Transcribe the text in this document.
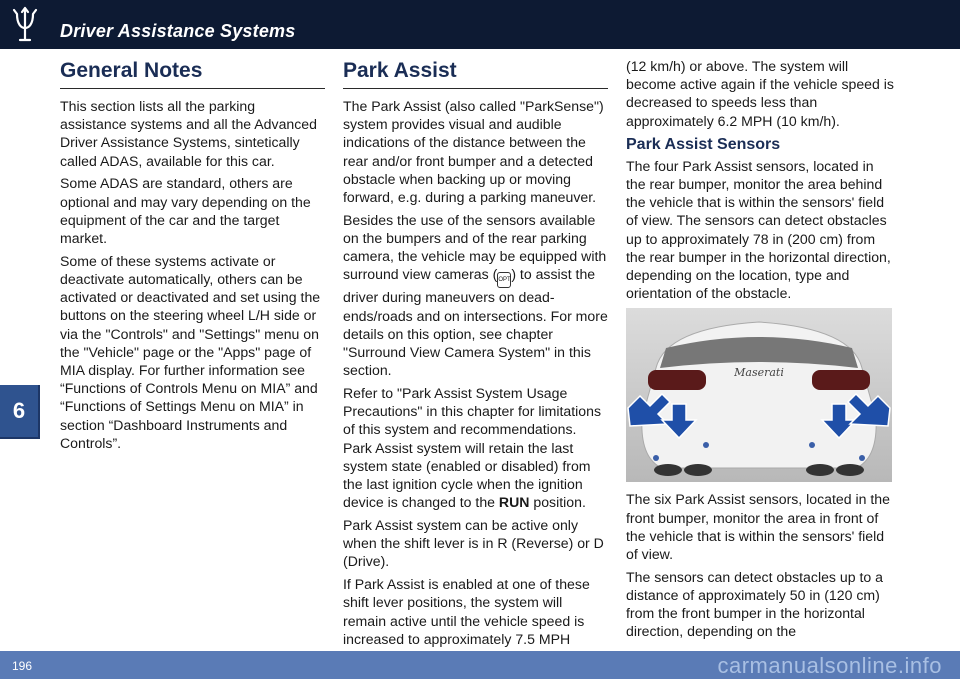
Driver Assistance Systems
6
General Notes

This section lists all the parking assistance systems and all the Advanced Driver Assistance Systems, sintetically called ADAS, available for this car.

Some ADAS are standard, others are optional and may vary depending on the equipment of the car and the target market.

Some of these systems activate or deactivate automatically, others can be activated or deactivated and set using the buttons on the steering wheel L/H side or via the "Controls" and "Settings" menu on the "Vehicle" page or the "Apps" page of MIA display. For further information see “Functions of Controls Menu on MIA” and “Functions of Settings Menu on MIA” in section “Dashboard Instruments and Controls”.

Park Assist

The Park Assist (also called "ParkSense") system provides visual and audible indications of the distance between the rear and/or front bumper and a detected obstacle when backing up or moving forward, e.g. during a parking maneuver.

Besides the use of the sensors available on the bumpers and of the rear parking camera, the vehicle may be equipped with surround view cameras (OPT) to assist the driver during maneuvers on dead-ends/roads and on intersections. For more details on this option, see chapter "Surround View Camera System" in this section.

Refer to "Park Assist System Usage Precautions" in this chapter for limitations of this system and recommendations. Park Assist system will retain the last system state (enabled or disabled) from the last ignition cycle when the ignition device is changed to the RUN position.

Park Assist system can be active only when the shift lever is in R (Reverse) or D (Drive).

If Park Assist is enabled at one of these shift lever positions, the system will remain active until the vehicle speed is increased to approximately 7.5 MPH

(12 km/h) or above. The system will become active again if the vehicle speed is decreased to speeds less than approximately 6.2 MPH (10 km/h).

Park Assist Sensors

The four Park Assist sensors, located in the rear bumper, monitor the area behind the vehicle that is within the sensors' field of view. The sensors can detect obstacles up to approximately 78 in (200 cm) from the rear bumper in the horizontal direction, depending on the location, type and orientation of the obstacle.

Maserati

The six Park Assist sensors, located in the front bumper, monitor the area in front of the vehicle that is within the sensors' field of view.

The sensors can detect obstacles up to a distance of approximately 50 in (120 cm) from the front bumper in the horizontal direction, depending on the

196	carmanualsonline.info
